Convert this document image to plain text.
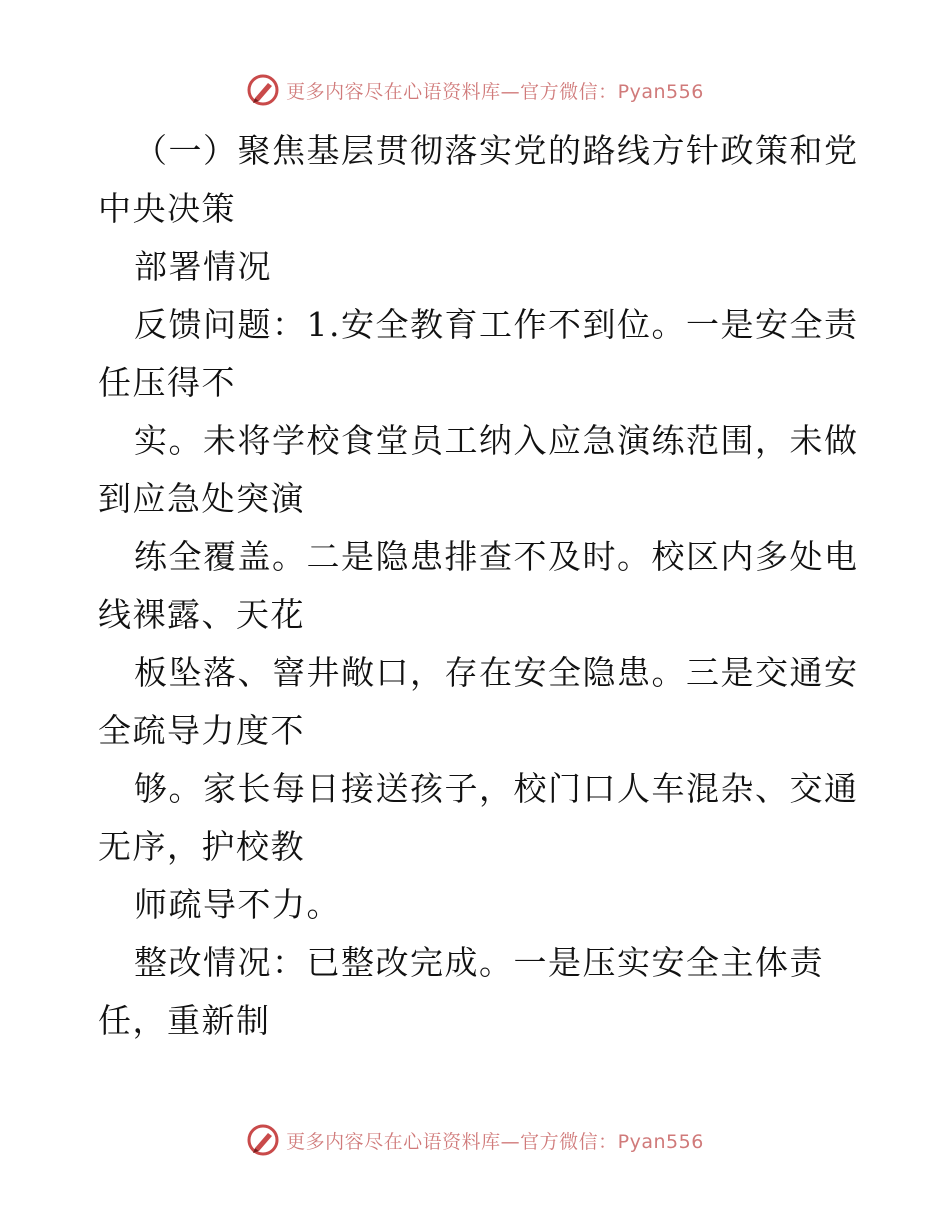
更多内容尽在心语资料库—官方微信：Pyan556
（一）聚焦基层贯彻落实党的路线方针政策和党
中央决策
部署情况
反馈问题：1.安全教育工作不到位。一是安全责
任压得不
实。未将学校食堂员工纳入应急演练范围，未做
到应急处突演
练全覆盖。二是隐患排查不及时。校区内多处电
线裸露、天花
板坠落、窨井敞口，存在安全隐患。三是交通安
全疏导力度不
够。家长每日接送孩子，校门口人车混杂、交通
无序，护校教
师疏导不力。
整改情况：已整改完成。一是压实安全主体责
任，重新制
更多内容尽在心语资料库—官方微信：Pyan556
